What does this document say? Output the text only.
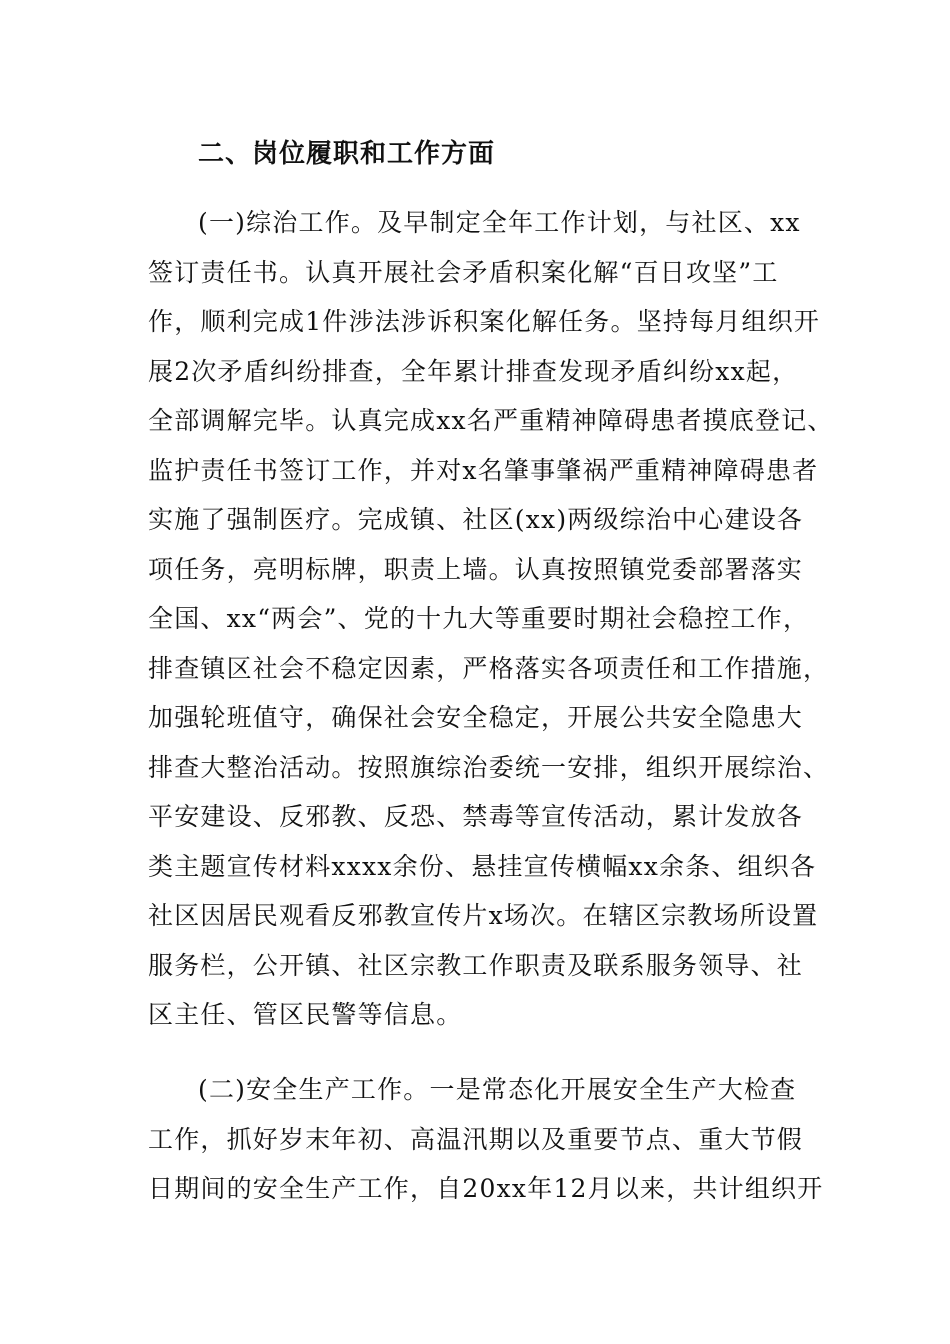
二、岗位履职和工作方面
(一)综治工作。及早制定全年工作计划，与社区、xx
签订责任书。认真开展社会矛盾积案化解“百日攻坚”工
作，顺利完成1件涉法涉诉积案化解任务。坚持每月组织开
展2次矛盾纠纷排查，全年累计排查发现矛盾纠纷xx起，
全部调解完毕。认真完成xx名严重精神障碍患者摸底登记、
监护责任书签订工作，并对x名肇事肇祸严重精神障碍患者
实施了强制医疗。完成镇、社区(xx)两级综治中心建设各
项任务，亮明标牌，职责上墙。认真按照镇党委部署落实
全国、xx“两会”、党的十九大等重要时期社会稳控工作，
排查镇区社会不稳定因素，严格落实各项责任和工作措施，
加强轮班值守，确保社会安全稳定，开展公共安全隐患大
排查大整治活动。按照旗综治委统一安排，组织开展综治、
平安建设、反邪教、反恐、禁毒等宣传活动，累计发放各
类主题宣传材料xxxx余份、悬挂宣传横幅xx余条、组织各
社区因居民观看反邪教宣传片x场次。在辖区宗教场所设置
服务栏，公开镇、社区宗教工作职责及联系服务领导、社
区主任、管区民警等信息。
(二)安全生产工作。一是常态化开展安全生产大检查
工作，抓好岁末年初、高温汛期以及重要节点、重大节假
日期间的安全生产工作，自20xx年12月以来，共计组织开
